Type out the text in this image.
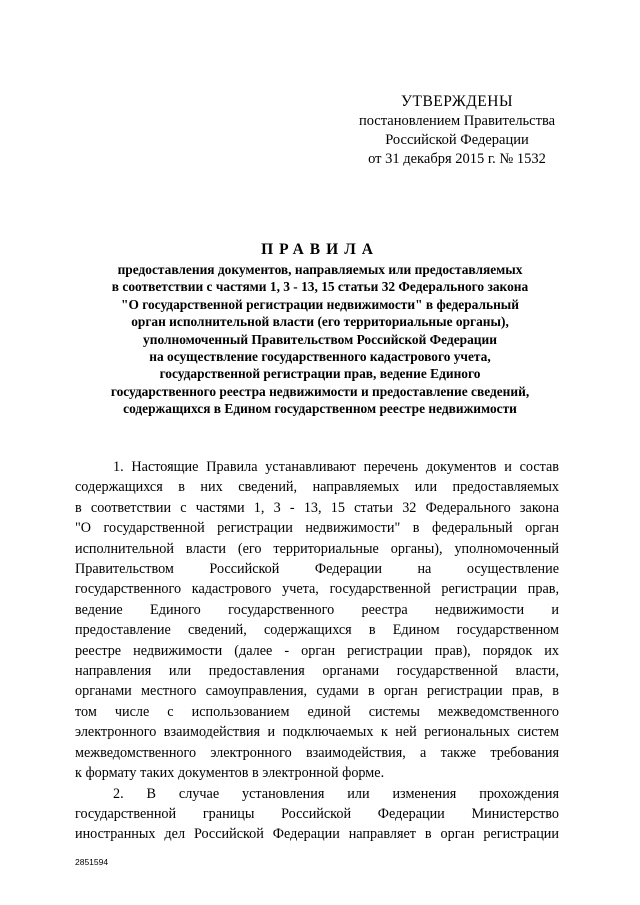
УТВЕРЖДЕНЫ
постановлением Правительства
Российской Федерации
от 31 декабря 2015 г. № 1532
ПРАВИЛА
предоставления документов, направляемых или предоставляемых
в соответствии с частями 1, 3 - 13, 15 статьи 32 Федерального закона
"О государственной регистрации недвижимости" в федеральный
орган исполнительной власти (его территориальные органы),
уполномоченный Правительством Российской Федерации
на осуществление государственного кадастрового учета,
государственной регистрации прав, ведение Единого
государственного реестра недвижимости и предоставление сведений,
содержащихся в Едином государственном реестре недвижимости
1. Настоящие Правила устанавливают перечень документов и состав
содержащихся в них сведений, направляемых или предоставляемых
в соответствии с частями 1, 3 - 13, 15 статьи 32 Федерального закона
"О государственной регистрации недвижимости" в федеральный орган
исполнительной власти (его территориальные органы), уполномоченный
Правительством Российской Федерации на осуществление
государственного кадастрового учета, государственной регистрации прав,
ведение Единого государственного реестра недвижимости и
предоставление сведений, содержащихся в Едином государственном
реестре недвижимости (далее - орган регистрации прав), порядок их
направления или предоставления органами государственной власти,
органами местного самоуправления, судами в орган регистрации прав, в
том числе с использованием единой системы межведомственного
электронного взаимодействия и подключаемых к ней региональных систем
межведомственного электронного взаимодействия, а также требования
к формату таких документов в электронной форме.
2. В случае установления или изменения прохождения
государственной границы Российской Федерации Министерство
иностранных дел Российской Федерации направляет в орган регистрации
2851594
